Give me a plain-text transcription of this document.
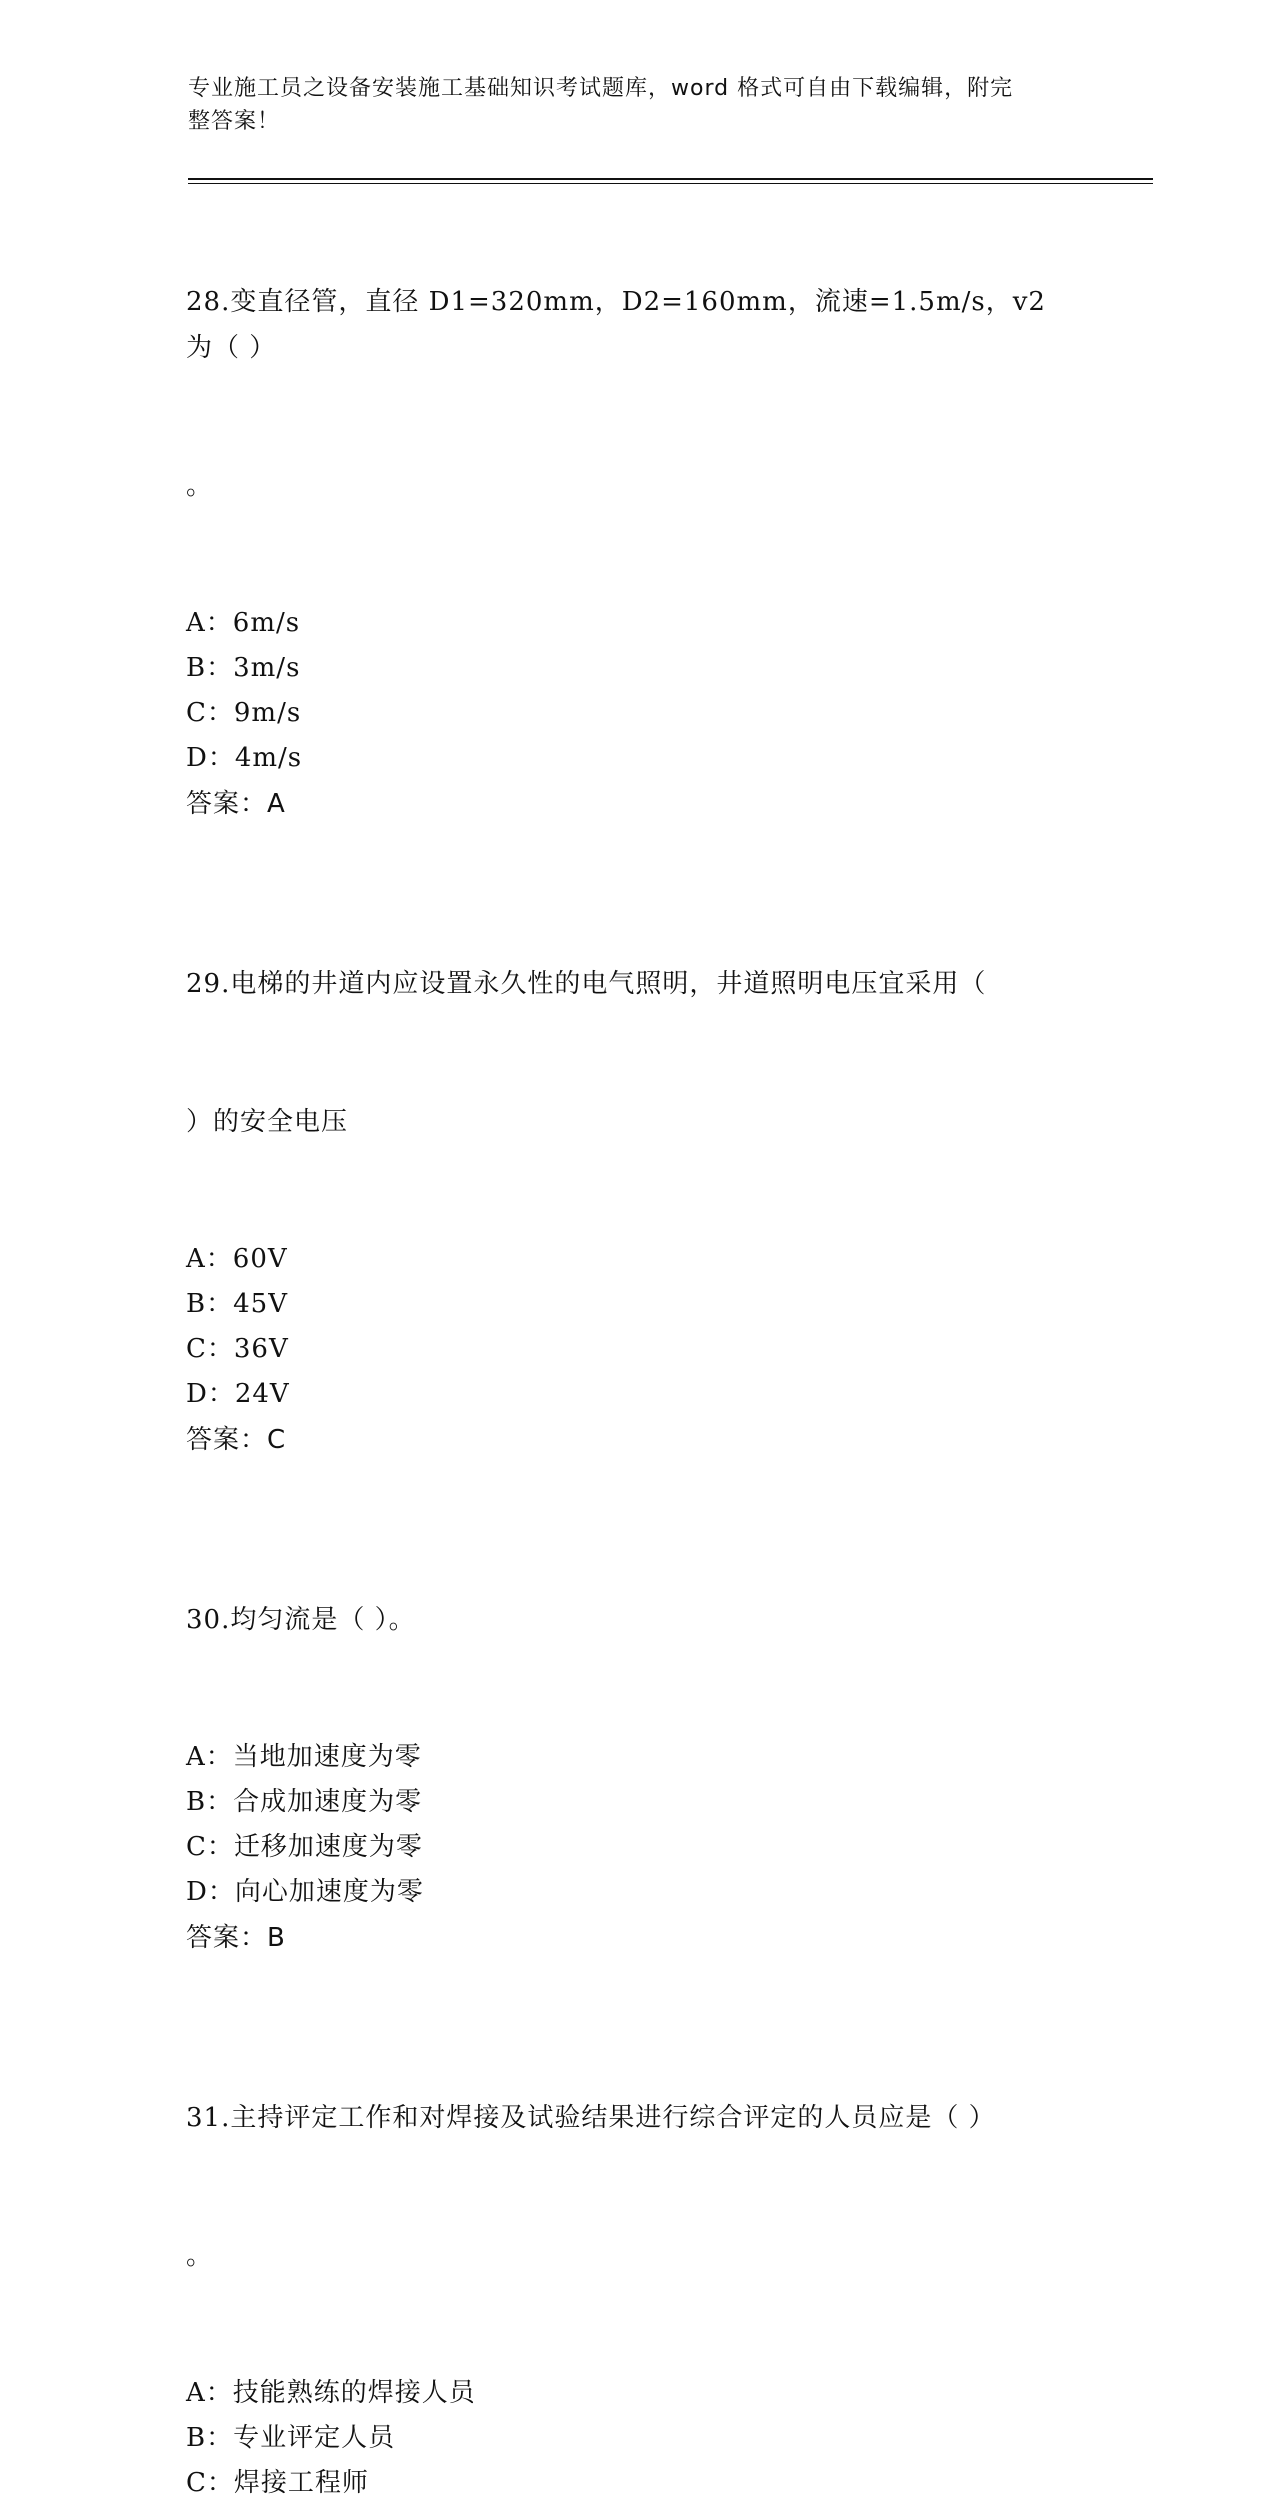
专业施工员之设备安装施工基础知识考试题库，word 格式可自由下载编辑，附完
整答案！

28.变直径管，直径 D1=320mm，D2=160mm，流速=1.5m/s，v2 为（ ）

。

A：6m/s
B：3m/s
C：9m/s
D：4m/s
答案：A

29.电梯的井道内应设置永久性的电气照明，井道照明电压宜采用（

）的安全电压

A：60V
B：45V
C：36V
D：24V
答案：C

30.均匀流是（ ）。

A：当地加速度为零
B：合成加速度为零
C：迁移加速度为零
D：向心加速度为零
答案：B

31.主持评定工作和对焊接及试验结果进行综合评定的人员应是（ ）

。

A：技能熟练的焊接人员
B：专业评定人员
C：焊接工程师
